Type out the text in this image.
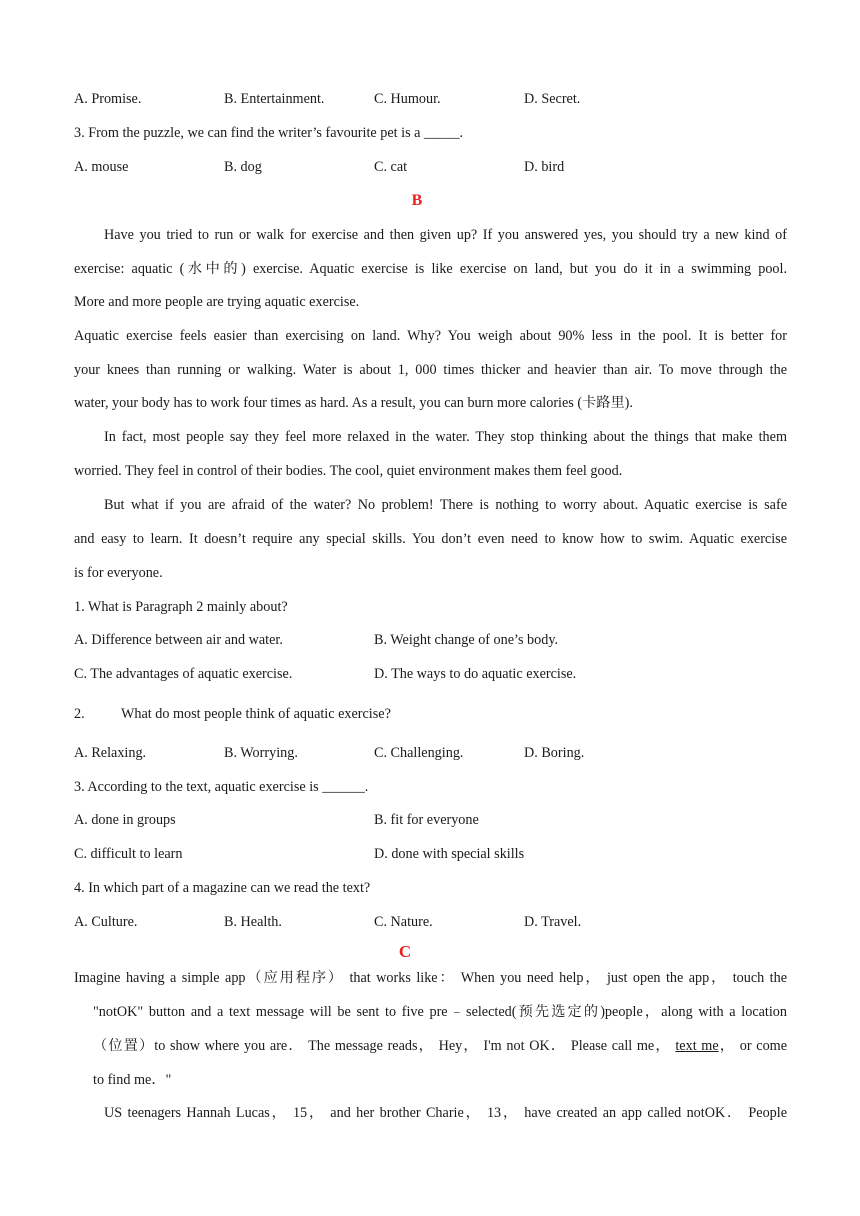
A. Promise.	B. Entertainment.	C. Humour.	D. Secret.
3. From the puzzle, we can find the writer’s favourite pet is a _____.
A. mouse	B. dog	C. cat	D. bird
B
Have you tried to run or walk for exercise and then given up? If you answered yes, you should try a new kind of
exercise: aquatic (水中的) exercise. Aquatic exercise is like exercise on land, but you do it in a swimming pool.
More and more people are trying aquatic exercise.
Aquatic exercise feels easier than exercising on land. Why? You weigh about 90% less in the pool. It is better for
your knees than running or walking. Water is about 1, 000 times thicker and heavier than air. To move through the
water, your body has to work four times as hard. As a result, you can burn more calories (卡路里).
In fact, most people say they feel more relaxed in the water. They stop thinking about the things that make them
worried. They feel in control of their bodies. The cool, quiet environment makes them feel good.
But what if you are afraid of the water? No problem! There is nothing to worry about. Aquatic exercise is safe
and easy to learn. It doesn’t require any special skills. You don’t even need to know how to swim. Aquatic exercise
is for everyone.
1. What is Paragraph 2 mainly about?
A. Difference between air and water.	B. Weight change of one’s body.
C. The advantages of aquatic exercise.	D. The ways to do aquatic exercise.
2.	What do most people think of aquatic exercise?
A. Relaxing.	B. Worrying.	C. Challenging.	D. Boring.
3. According to the text, aquatic exercise is ______.
A. done in groups	B. fit for everyone
C. difficult to learn	D. done with special skills
4. In which part of a magazine can we read the text?
A. Culture.	B. Health.	C. Nature.	D. Travel.
C
Imagine having a simple app（应用程序） that works like： When you need help， just open the app， touch the
"notOK" button and a text message will be sent to five pre﹣selected(预先选定的)people，along with a location
（位置）to show where you are． The message reads， Hey， I'm not OK． Please call me， text me， or come
to find me．"
US teenagers Hannah Lucas， 15， and her brother Charie， 13， have created an app called notOK． People
